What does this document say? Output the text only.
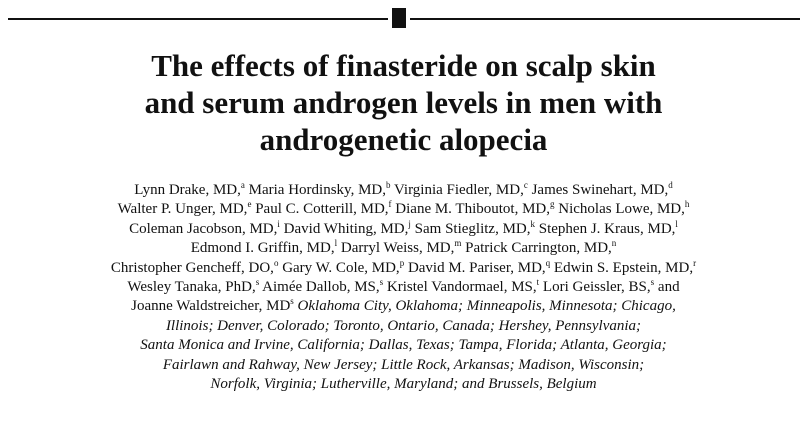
The effects of finasteride on scalp skin
and serum androgen levels in men with
androgenetic alopecia
Lynn Drake, MD,$^a$ Maria Hordinsky, MD,$^b$ Virginia Fiedler, MD,$^c$ James Swinehart, MD,$^d$
Walter P. Unger, MD,$^e$ Paul C. Cotterill, MD,$^f$ Diane M. Thiboutot, MD,$^g$ Nicholas Lowe, MD,$^h$
Coleman Jacobson, MD,$^i$ David Whiting, MD,$^j$ Sam Stieglitz, MD,$^k$ Stephen J. Kraus, MD,$^l$
Edmond I. Griffin, MD,$^l$ Darryl Weiss, MD,$^m$ Patrick Carrington, MD,$^n$
Christopher Gencheff, DO,$^o$ Gary W. Cole, MD,$^p$ David M. Pariser, MD,$^q$ Edwin S. Epstein, MD,$^r$
Wesley Tanaka, PhD,$^s$ Aimée Dallob, MS,$^s$ Kristel Vandormael, MS,$^t$ Lori Geissler, BS,$^s$ and
Joanne Waldstreicher, $MD^s$ Oklahoma City, Oklahoma; Minneapolis, Minnesota; Chicago,
Illinois; Denver, Colorado; Toronto, Ontario, Canada; Hershey, Pennsylvania;
Santa Monica and Irvine, California; Dallas, Texas; Tampa, Florida; Atlanta, Georgia;
Fairlawn and Rahway, New Jersey; Little Rock, Arkansas; Madison, Wisconsin;
Norfolk, Virginia; Lutherville, Maryland; and Brussels, Belgium
